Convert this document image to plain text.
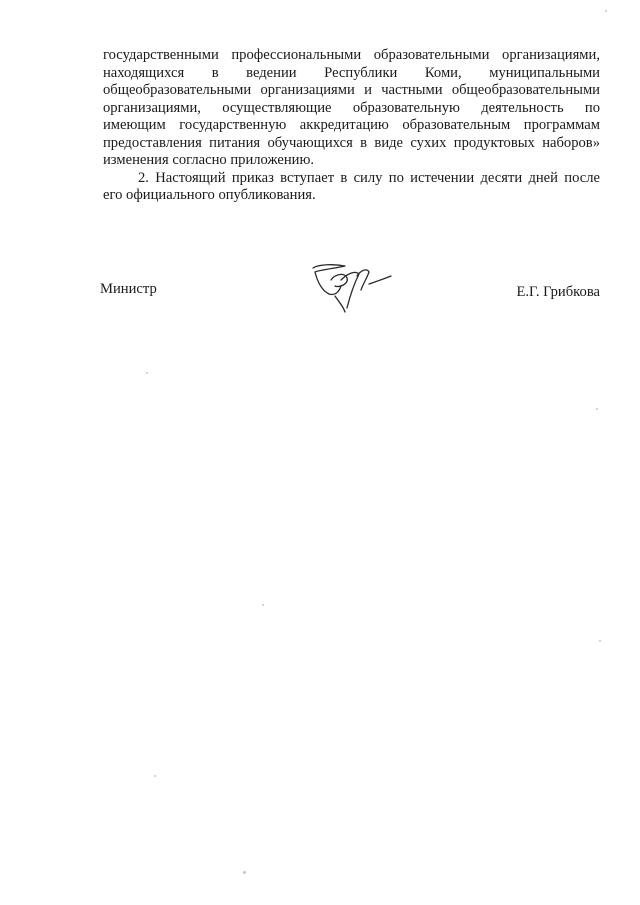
государственными профессиональными образовательными организациями,
находящихся в ведении Республики Коми, муниципальными
общеобразовательными организациями и частными общеобразовательными
организациями, осуществляющие образовательную деятельность по
имеющим государственную аккредитацию образовательным программам
предоставления питания обучающихся в виде сухих продуктовых наборов»
изменения согласно приложению.

2. Настоящий приказ вступает в силу по истечении десяти дней после
его официального опубликования.

Министр	Е.Г. Грибкова
